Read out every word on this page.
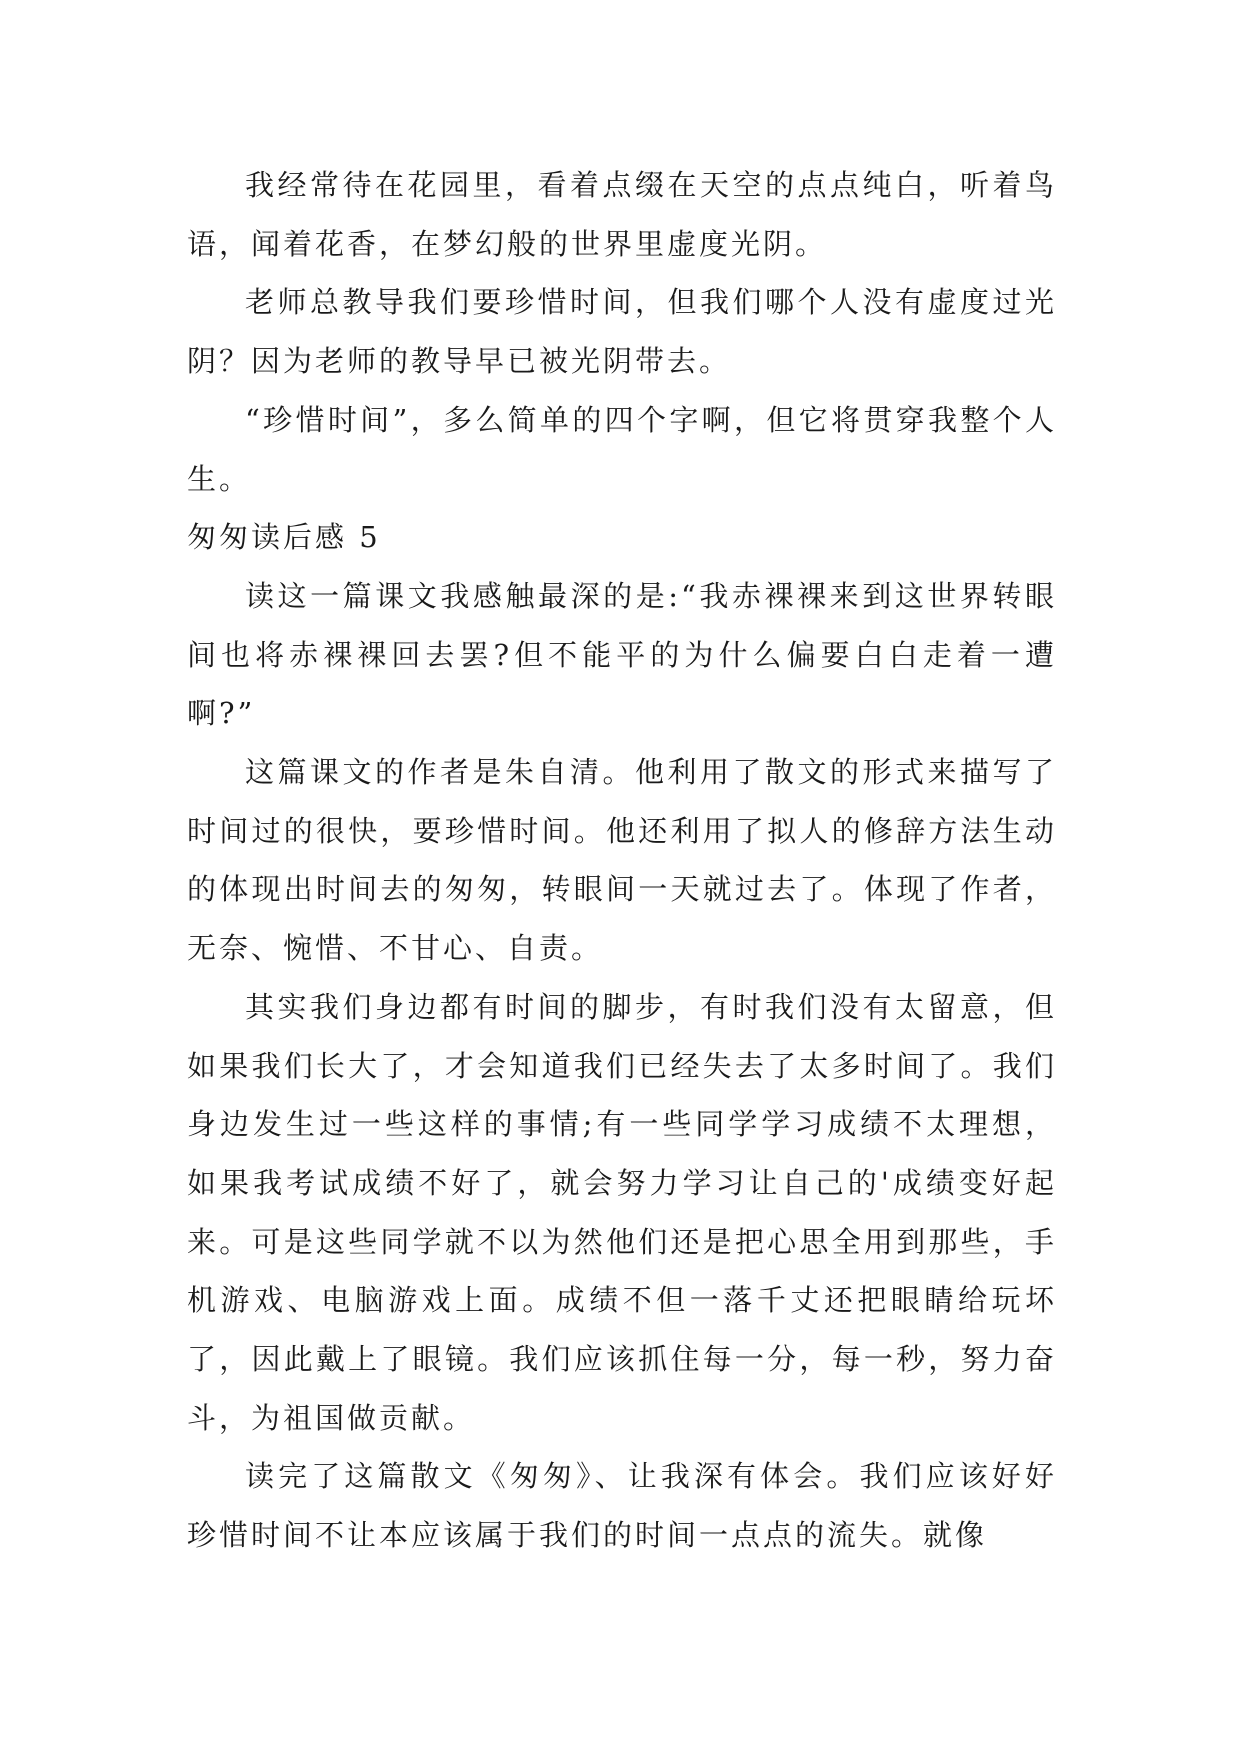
我经常待在花园里，看着点缀在天空的点点纯白，听着鸟语，闻着花香，在梦幻般的世界里虚度光阴。

老师总教导我们要珍惜时间，但我们哪个人没有虚度过光阴？因为老师的教导早已被光阴带去。

“珍惜时间”，多么简单的四个字啊，但它将贯穿我整个人生。

匆匆读后感 5

读这一篇课文我感触最深的是:“我赤裸裸来到这世界转眼间也将赤裸裸回去罢?但不能平的为什么偏要白白走着一遭啊?”

这篇课文的作者是朱自清。他利用了散文的形式来描写了时间过的很快，要珍惜时间。他还利用了拟人的修辞方法生动的体现出时间去的匆匆，转眼间一天就过去了。体现了作者，无奈、惋惜、不甘心、自责。

其实我们身边都有时间的脚步，有时我们没有太留意，但如果我们长大了，才会知道我们已经失去了太多时间了。我们身边发生过一些这样的事情;有一些同学学习成绩不太理想，如果我考试成绩不好了，就会努力学习让自己的'成绩变好起来。可是这些同学就不以为然他们还是把心思全用到那些，手机游戏、电脑游戏上面。成绩不但一落千丈还把眼睛给玩坏了，因此戴上了眼镜。我们应该抓住每一分，每一秒，努力奋斗，为祖国做贡献。

读完了这篇散文《匆匆》、让我深有体会。我们应该好好珍惜时间不让本应该属于我们的时间一点点的流失。就像
